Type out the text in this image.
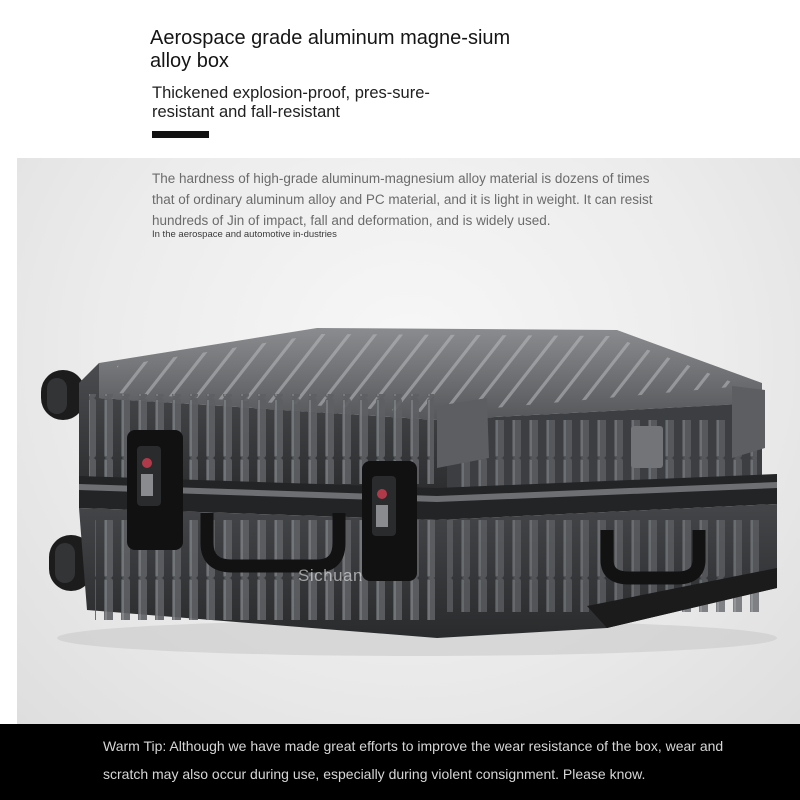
Aerospace grade aluminum magne-sium alloy box

Thickened explosion-proof, pres-sure-resistant and fall-resistant

The hardness of high-grade aluminum-magnesium alloy material is dozens of times that of ordinary aluminum alloy and PC material, and it is light in weight. It can resist hundreds of Jin of impact, fall and deformation, and is widely used.

In the aerospace and automotive in-dustries

Sichuan

Warm Tip: Although we have made great efforts to improve the wear resistance of the box, wear and scratch may also occur during use, especially during violent consignment. Please know.
